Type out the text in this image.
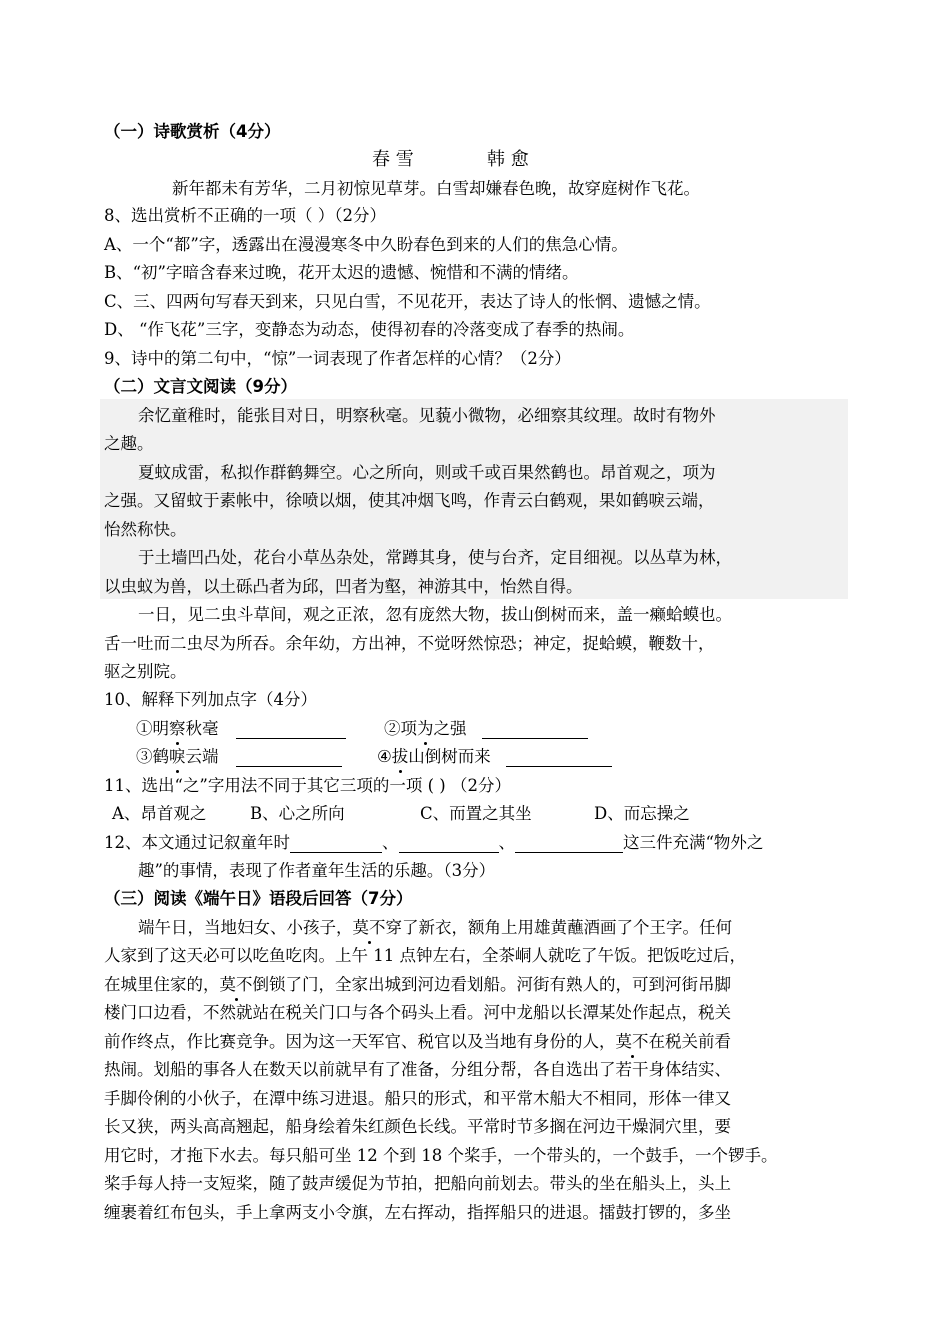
（一）诗歌赏析（4分）
春 雪	韩 愈
新年都未有芳华，二月初惊见草芽。白雪却嫌春色晚，故穿庭树作飞花。
8、选出赏析不正确的一项（ ）（2分）
A、一个“都”字，透露出在漫漫寒冬中久盼春色到来的人们的焦急心情。
B、“初”字暗含春来过晚，花开太迟的遗憾、惋惜和不满的情绪。
C、三、四两句写春天到来，只见白雪，不见花开，表达了诗人的怅惘、遗憾之情。
D、 “作飞花”三字，变静态为动态，使得初春的冷落变成了春季的热闹。
9、诗中的第二句中，“惊”一词表现了作者怎样的心情？（2分）
（二）文言文阅读（9分）
余忆童稚时，能张目对日，明察秋毫。见藐小微物，必细察其纹理。故时有物外
之趣。
夏蚊成雷，私拟作群鹤舞空。心之所向，则或千或百果然鹤也。昂首观之，项为
之强。又留蚊于素帐中，徐喷以烟，使其冲烟飞鸣，作青云白鹤观，果如鹤唳云端，
怡然称快。
于土墙凹凸处，花台小草丛杂处，常蹲其身，使与台齐，定目细视。以丛草为林，
以虫蚁为兽，以土砾凸者为邱，凹者为壑，神游其中，怡然自得。
一日，见二虫斗草间，观之正浓，忽有庞然大物，拔山倒树而来，盖一癞蛤蟆也。
舌一吐而二虫尽为所吞。余年幼，方出神，不觉呀然惊恐；神定，捉蛤蟆，鞭数十，
驱之别院。
10、解释下列加点字（4分）
①明察秋毫	②项为之强
③鹤唳云端	④拔山倒树而来
11、选出“之”字用法不同于其它三项的一项 ( ) （2分）
A、昂首观之	B、心之所向	C、而置之其坐	D、而忘操之
12、本文通过记叙童年时	、	、	这三件充满“物外之
趣”的事情，表现了作者童年生活的乐趣。（3分）
（三）阅读《端午日》语段后回答（7分）
端午日，当地妇女、小孩子，莫不穿了新衣，额角上用雄黄蘸酒画了个王字。任何
人家到了这天必可以吃鱼吃肉。上午 11 点钟左右，全茶峒人就吃了午饭。把饭吃过后，
在城里住家的，莫不倒锁了门，全家出城到河边看划船。河街有熟人的，可到河街吊脚
楼门口边看，不然就站在税关门口与各个码头上看。河中龙船以长潭某处作起点，税关
前作终点，作比赛竞争。因为这一天军官、税官以及当地有身份的人，莫不在税关前看
热闹。划船的事各人在数天以前就早有了准备，分组分帮，各自选出了若干身体结实、
手脚伶俐的小伙子，在潭中练习进退。船只的形式，和平常木船大不相同，形体一律又
长又狭，两头高高翘起，船身绘着朱红颜色长线。平常时节多搁在河边干燥洞穴里，要
用它时，才拖下水去。每只船可坐 12 个到 18 个桨手，一个带头的，一个鼓手，一个锣手。
桨手每人持一支短桨，随了鼓声缓促为节拍，把船向前划去。带头的坐在船头上，头上
缠裹着红布包头，手上拿两支小令旗，左右挥动，指挥船只的进退。擂鼓打锣的，多坐
